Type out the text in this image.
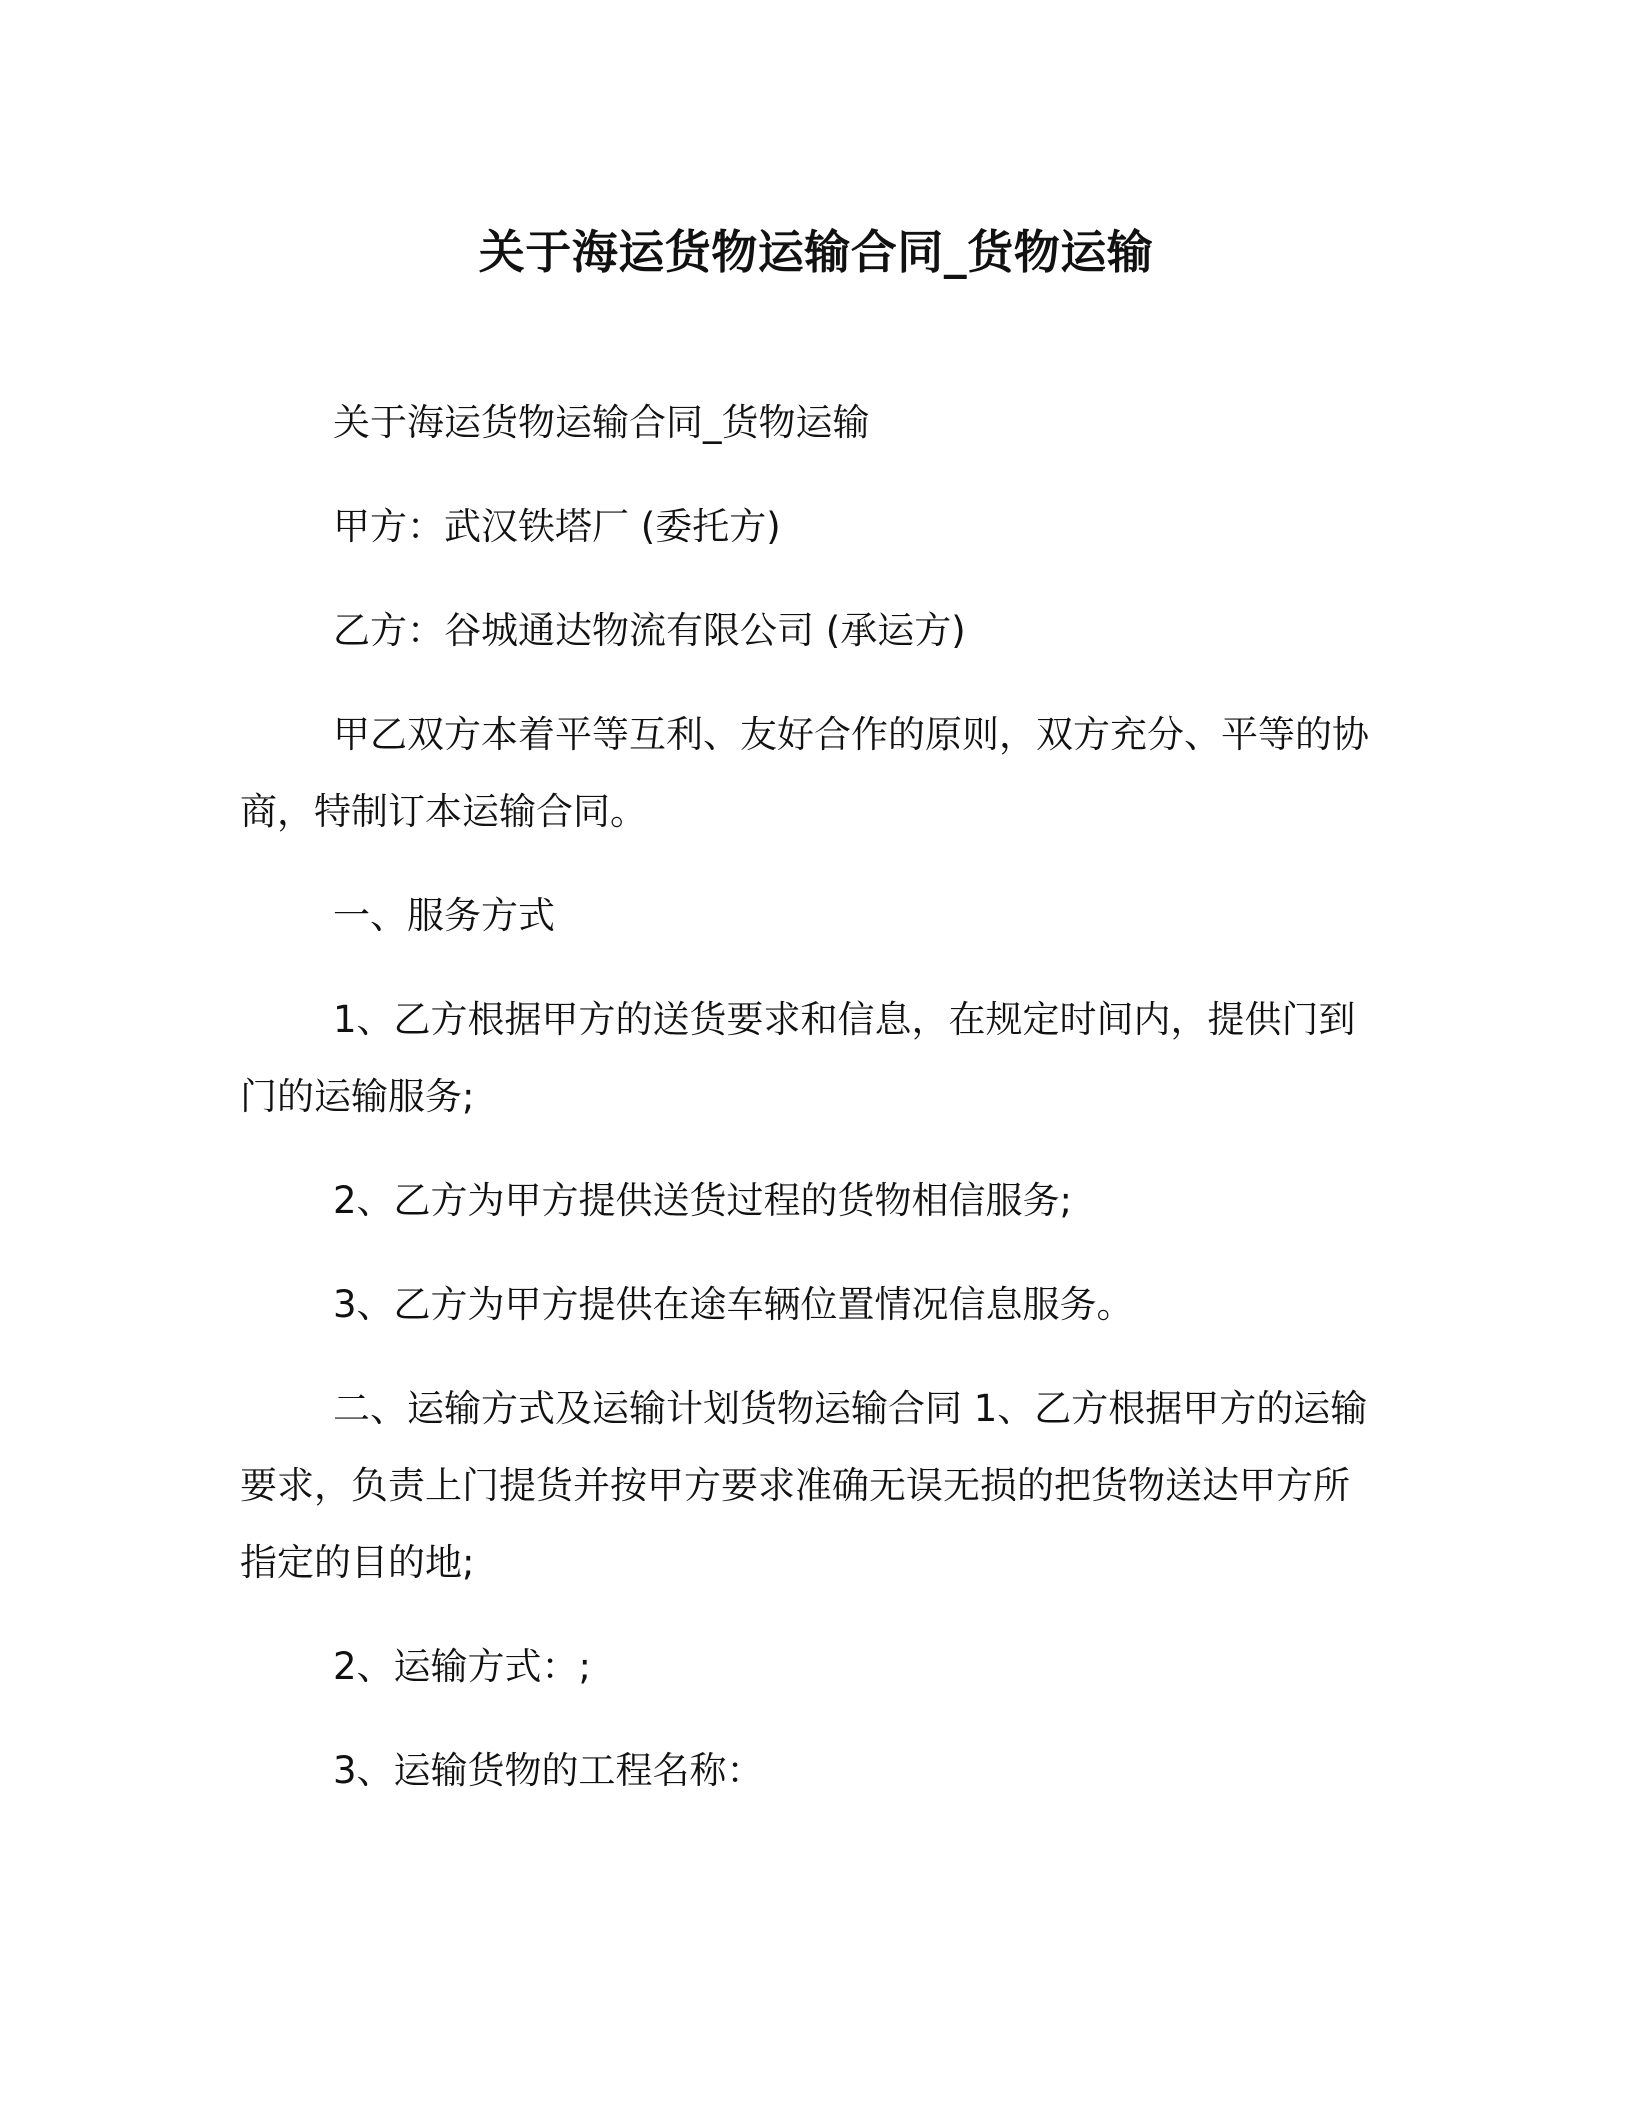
关于海运货物运输合同_货物运输

关于海运货物运输合同_货物运输

甲方：武汉铁塔厂 (委托方)

乙方：谷城通达物流有限公司 (承运方)

甲乙双方本着平等互利、友好合作的原则，双方充分、平等的协

商，特制订本运输合同。

一、服务方式

1、乙方根据甲方的送货要求和信息，在规定时间内，提供门到

门的运输服务;

2、乙方为甲方提供送货过程的货物相信服务;

3、乙方为甲方提供在途车辆位置情况信息服务。

二、运输方式及运输计划货物运输合同 1、乙方根据甲方的运输

要求，负责上门提货并按甲方要求准确无误无损的把货物送达甲方所

指定的目的地;

2、运输方式：;

3、运输货物的工程名称：
